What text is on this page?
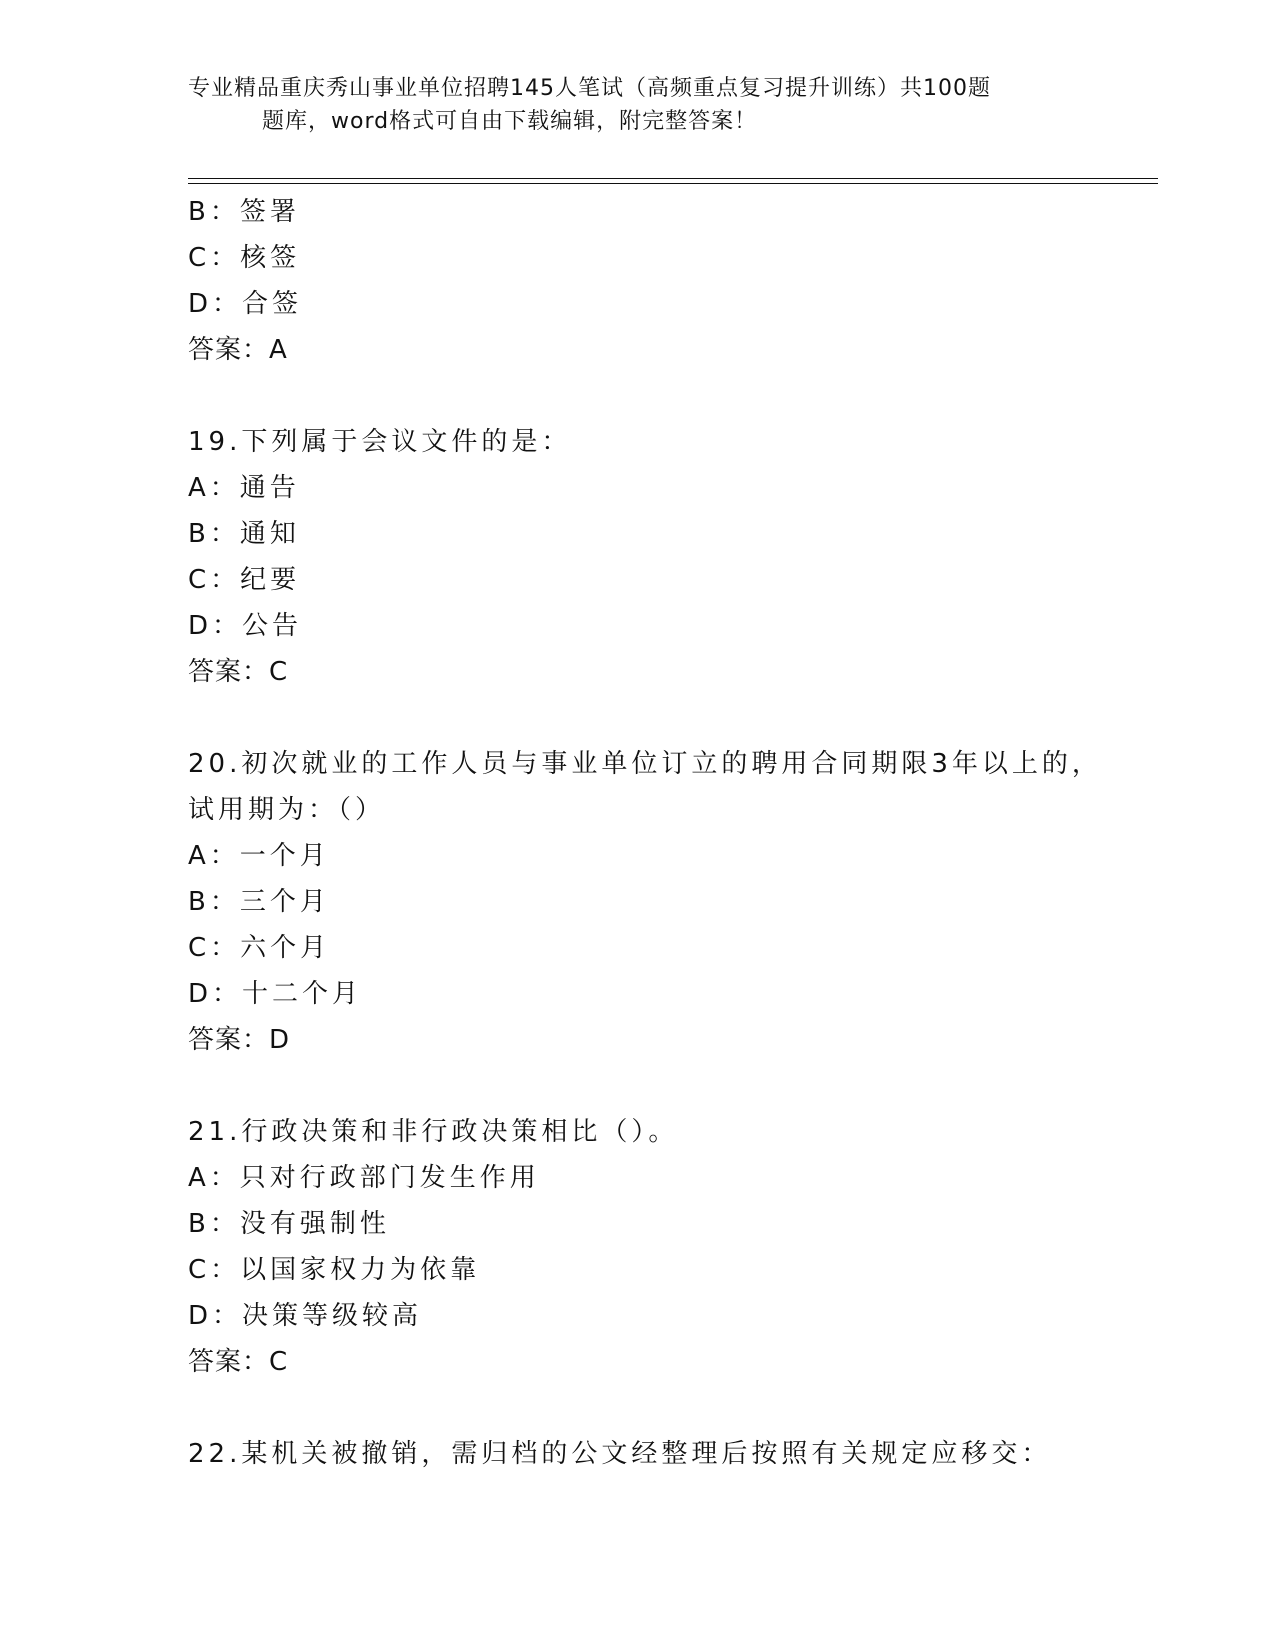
专业精品重庆秀山事业单位招聘145人笔试（高频重点复习提升训练）共100题
题库，word格式可自由下载编辑，附完整答案！
B：签署
C：核签
D：合签
答案：A
19.下列属于会议文件的是：
A：通告
B：通知
C：纪要
D：公告
答案：C
20.初次就业的工作人员与事业单位订立的聘用合同期限3年以上的，
试用期为：（）
A：一个月
B：三个月
C：六个月
D：十二个月
答案：D
21.行政决策和非行政决策相比（）。
A：只对行政部门发生作用
B：没有强制性
C：以国家权力为依靠
D：决策等级较高
答案：C
22.某机关被撤销，需归档的公文经整理后按照有关规定应移交：
